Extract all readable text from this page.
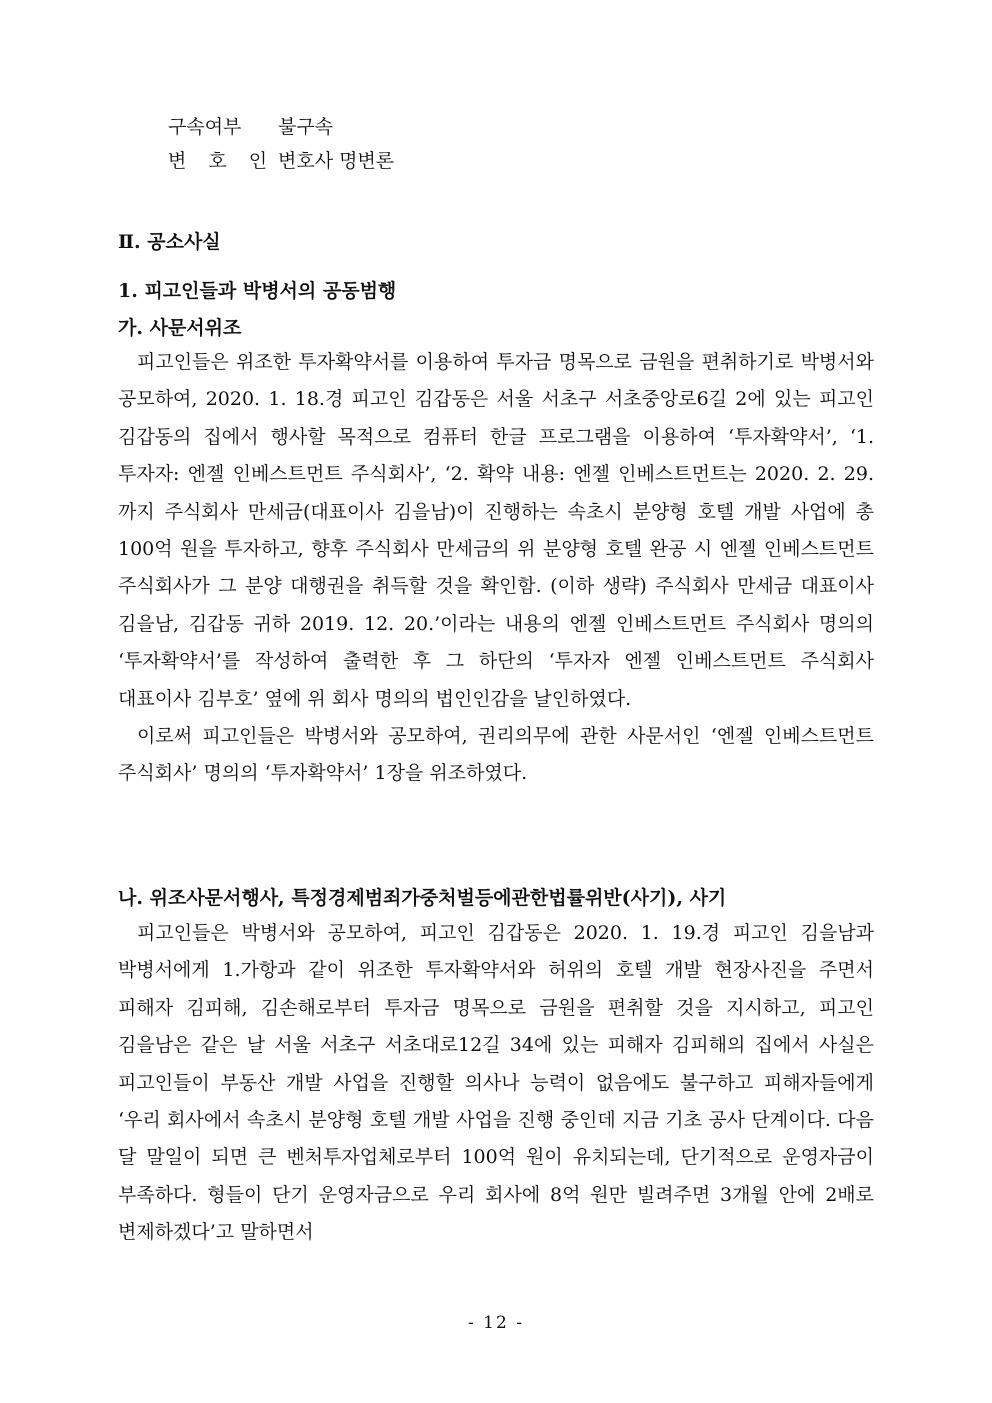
구속여부 불구속
변 호 인 변호사 명변론
Ⅱ. 공소사실
1. 피고인들과 박병서의 공동범행
가. 사문서위조

피고인들은 위조한 투자확약서를 이용하여 투자금 명목으로 금원을 편취하기로 박병서와 공모하여, 2020. 1. 18.경 피고인 김갑동은 서울 서초구 서초중앙로6길 2에 있는 피고인 김갑동의 집에서 행사할 목적으로 컴퓨터 한글 프로그램을 이용하여 ‘투자확약서’, ‘1. 투자자: 엔젤 인베스트먼트 주식회사’, ‘2. 확약 내용: 엔젤 인베스트먼트는 2020. 2. 29.까지 주식회사 만세금(대표이사 김을남)이 진행하는 속초시 분양형 호텔 개발 사업에 총 100억 원을 투자하고, 향후 주식회사 만세금의 위 분양형 호텔 완공 시 엔젤 인베스트먼트 주식회사가 그 분양 대행권을 취득할 것을 확인함. (이하 생략) 주식회사 만세금 대표이사 김을남, 김갑동 귀하 2019. 12. 20.’이라는 내용의 엔젤 인베스트먼트 주식회사 명의의 ‘투자확약서’를 작성하여 출력한 후 그 하단의 ‘투자자 엔젤 인베스트먼트 주식회사 대표이사 김부호’ 옆에 위 회사 명의의 법인인감을 날인하였다.

이로써 피고인들은 박병서와 공모하여, 권리의무에 관한 사문서인 ‘엔젤 인베스트먼트 주식회사’ 명의의 ‘투자확약서’ 1장을 위조하였다.

나. 위조사문서행사, 특정경제범죄가중처벌등에관한법률위반(사기), 사기

피고인들은 박병서와 공모하여, 피고인 김갑동은 2020. 1. 19.경 피고인 김을남과 박병서에게 1.가항과 같이 위조한 투자확약서와 허위의 호텔 개발 현장사진을 주면서 피해자 김피해, 김손해로부터 투자금 명목으로 금원을 편취할 것을 지시하고, 피고인 김을남은 같은 날 서울 서초구 서초대로12길 34에 있는 피해자 김피해의 집에서 사실은 피고인들이 부동산 개발 사업을 진행할 의사나 능력이 없음에도 불구하고 피해자들에게 ‘우리 회사에서 속초시 분양형 호텔 개발 사업을 진행 중인데 지금 기초 공사 단계이다. 다음 달 말일이 되면 큰 벤처투자업체로부터 100억 원이 유치되는데, 단기적으로 운영자금이 부족하다. 형들이 단기 운영자금으로 우리 회사에 8억 원만 빌려주면 3개월 안에 2배로 변제하겠다’고 말하면서

- 12 -
